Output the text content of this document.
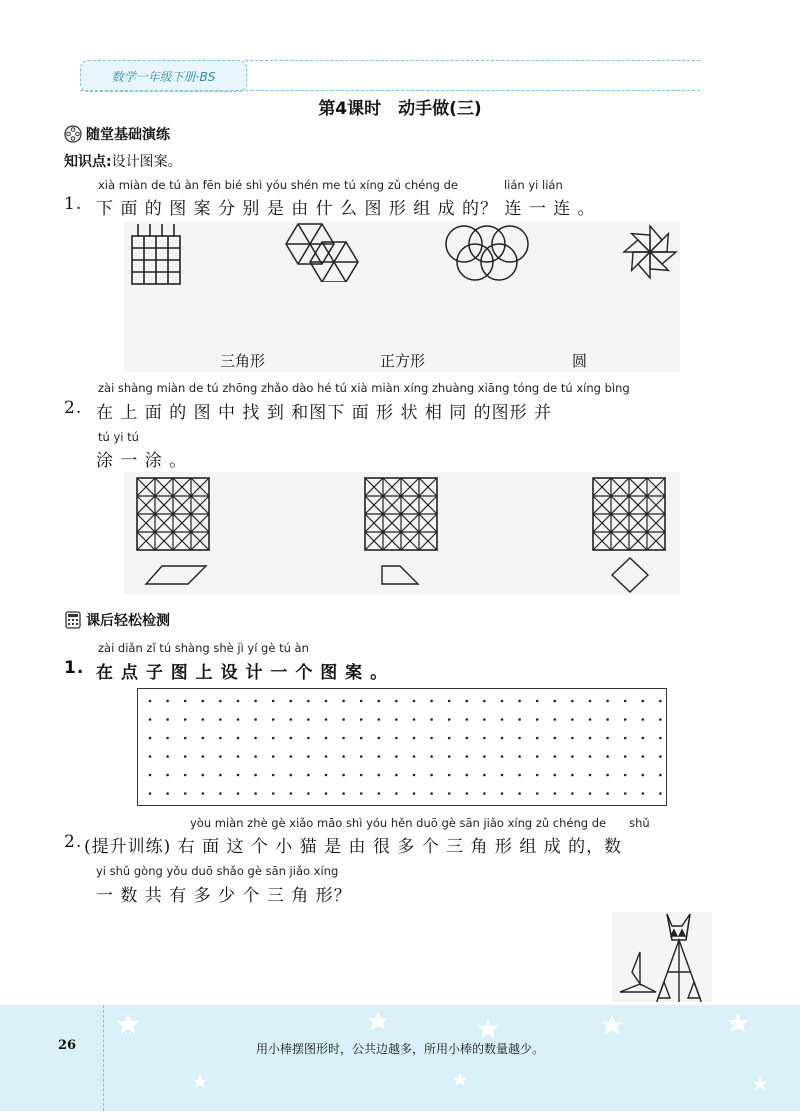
数学一年级下册·BS
第4课时　动手做(三)
随堂基础演练
知识点:设计图案。
xià miàn de tú àn fēn bié shì yóu shén me tú xíng zǔ chéng de　　　　lián yi lián
1. 下 面 的 图 案 分 别 是 由 什 么 图 形 组 成 的？ 连 一 连 。
三角形	正方形	圆
zài shàng miàn de tú zhōng zhǎo dào hé tú xià miàn xíng zhuàng xiāng tóng de tú xíng bìng
2. 在 上 面 的 图 中 找 到 和图下 面 形 状 相 同 的图形 并
tú yi tú
涂 一 涂 。
课后轻松检测
zài diǎn zǐ tú shàng shè jì yí gè tú àn
1. 在 点 子 图 上 设 计 一 个 图 案 。
yòu miàn zhè gè xiǎo māo shì yóu hěn duō gè sān jiǎo xíng zǔ chéng de　　shǔ
2. (提升训练) 右 面 这 个 小 猫 是 由 很 多 个 三 角 形 组 成 的，数
yi shǔ gòng yǒu duō shǎo gè sān jiǎo xíng
一 数 共 有 多 少 个 三 角 形？
26	用小棒摆图形时，公共边越多，所用小棒的数量越少。
